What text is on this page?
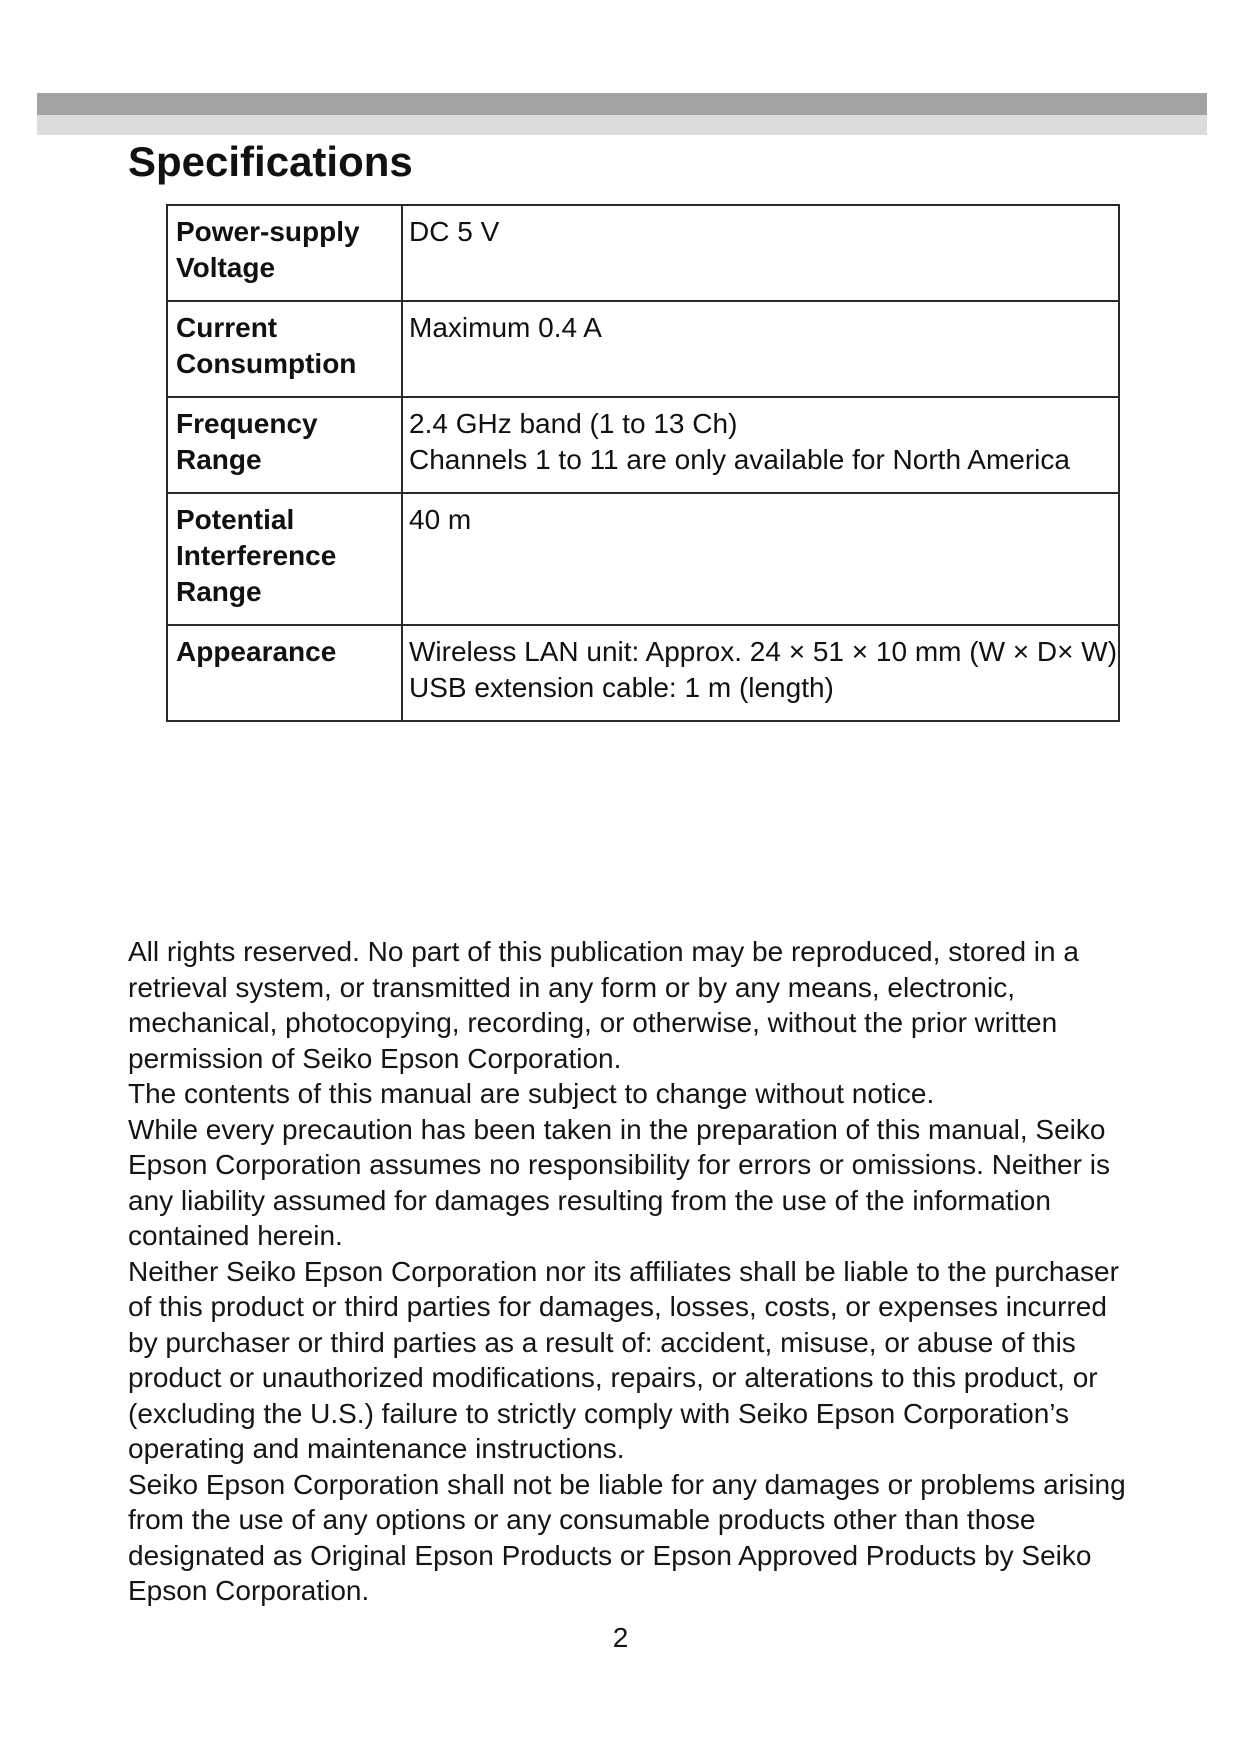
Specifications
Power-supply
Voltage	DC 5 V

Current
Consumption	Maximum 0.4 A

Frequency
Range	2.4 GHz band (1 to 13 Ch)
Channels 1 to 11 are only available for North America

Potential
Interference
Range	40 m

Appearance	Wireless LAN unit: Approx. 24 × 51 × 10 mm (W × D× W)
USB extension cable: 1 m (length)

All rights reserved. No part of this publication may be reproduced, stored in a retrieval system, or transmitted in any form or by any means, electronic, mechanical, photocopying, recording, or otherwise, without the prior written permission of Seiko Epson Corporation.

The contents of this manual are subject to change without notice.

While every precaution has been taken in the preparation of this manual, Seiko Epson Corporation assumes no responsibility for errors or omissions. Neither is any liability assumed for damages resulting from the use of the information contained herein.

Neither Seiko Epson Corporation nor its affiliates shall be liable to the purchaser of this product or third parties for damages, losses, costs, or expenses incurred by purchaser or third parties as a result of: accident, misuse, or abuse of this product or unauthorized modifications, repairs, or alterations to this product, or (excluding the U.S.) failure to strictly comply with Seiko Epson Corporation’s operating and maintenance instructions.

Seiko Epson Corporation shall not be liable for any damages or problems arising from the use of any options or any consumable products other than those designated as Original Epson Products or Epson Approved Products by Seiko Epson Corporation.

2
